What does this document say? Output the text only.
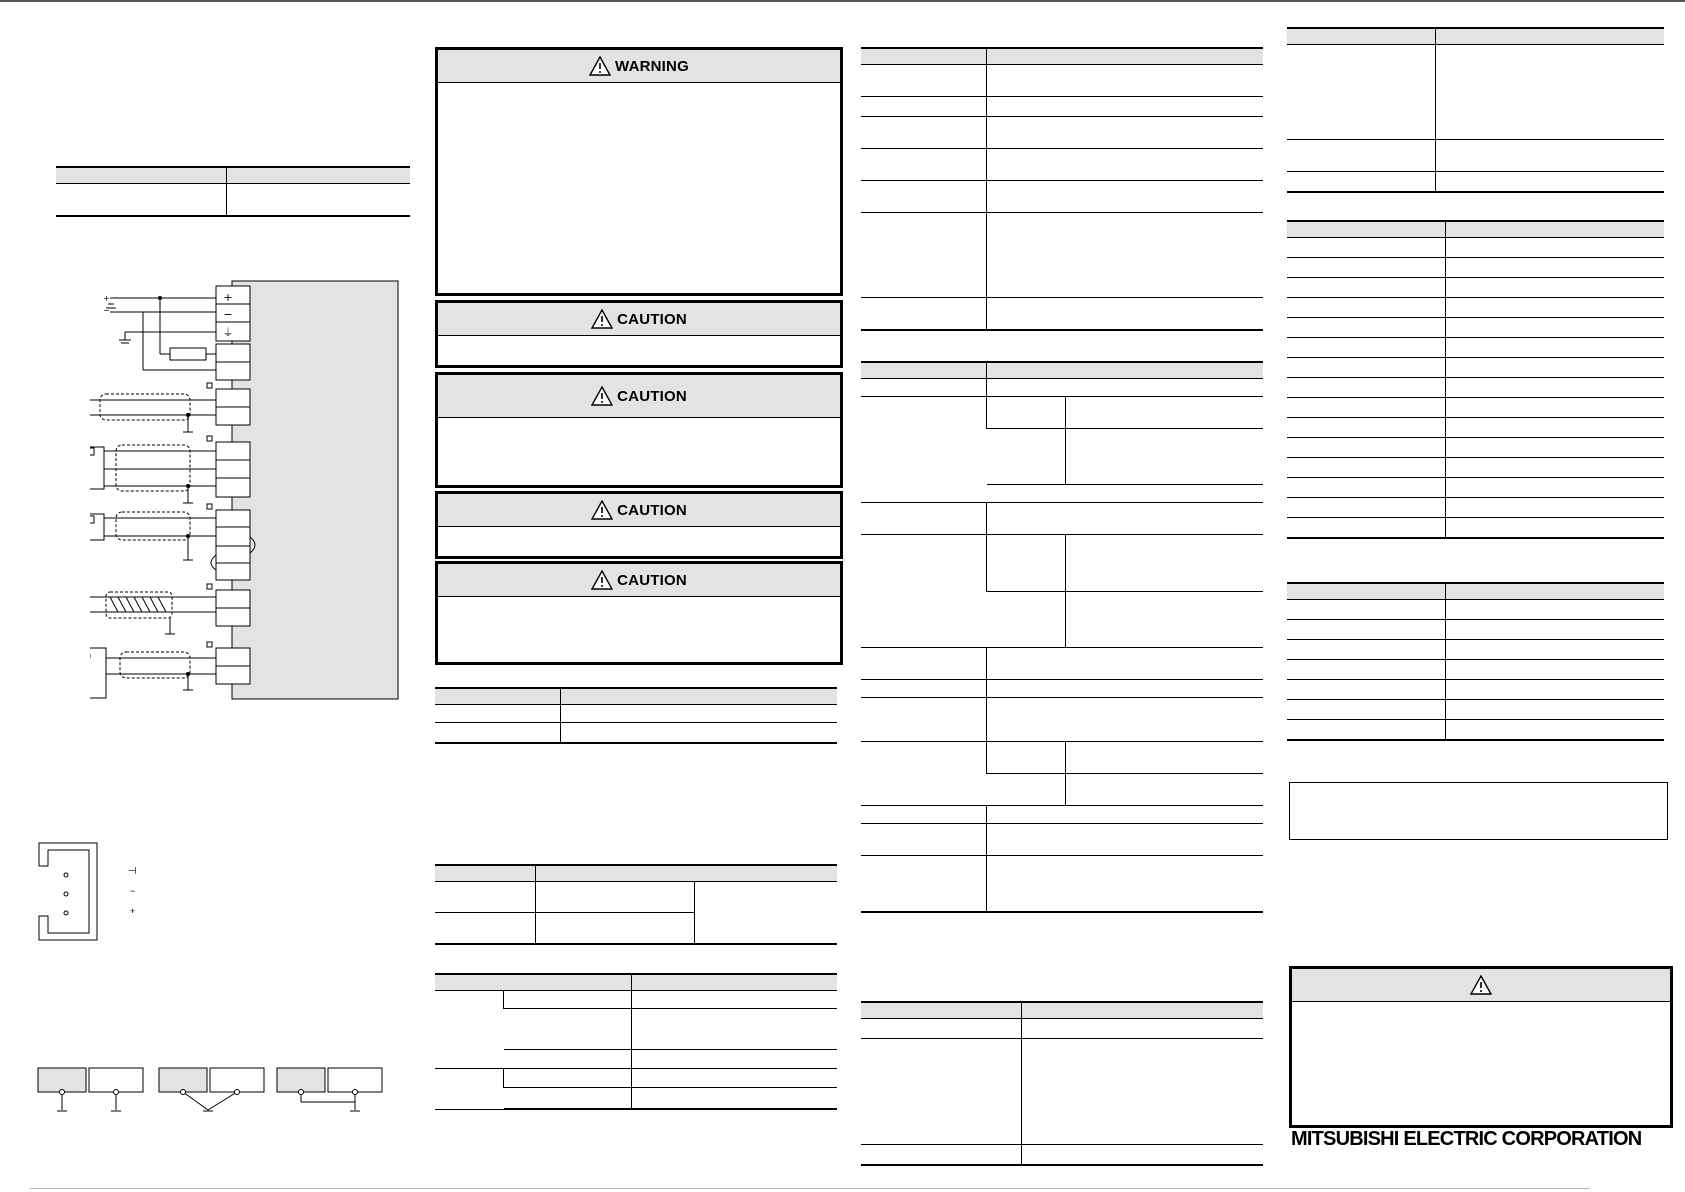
+
−
⏚
+
−
⊣
−
+
WARNING
CAUTION
CAUTION
CAUTION
CAUTION

MITSUBISHI ELECTRIC CORPORATION
